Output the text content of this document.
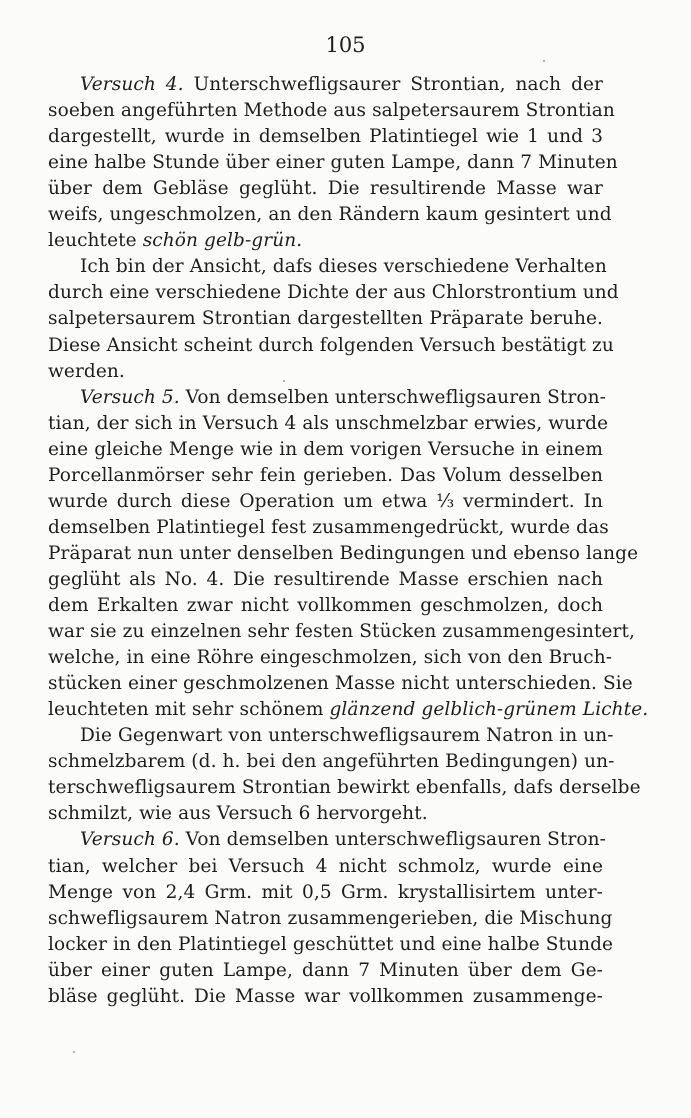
105
Versuch 4. Unterschwefligsaurer Strontian, nach der
soeben angeführten Methode aus salpetersaurem Strontian
dargestellt, wurde in demselben Platintiegel wie 1 und 3
eine halbe Stunde über einer guten Lampe, dann 7 Minuten
über dem Gebläse geglüht. Die resultirende Masse war
weifs, ungeschmolzen, an den Rändern kaum gesintert und
leuchtete schön gelb-grün.
Ich bin der Ansicht, dafs dieses verschiedene Verhalten
durch eine verschiedene Dichte der aus Chlorstrontium und
salpetersaurem Strontian dargestellten Präparate beruhe.
Diese Ansicht scheint durch folgenden Versuch bestätigt zu
werden.
Versuch 5. Von demselben unterschwefligsauren Stron-
tian, der sich in Versuch 4 als unschmelzbar erwies, wurde
eine gleiche Menge wie in dem vorigen Versuche in einem
Porcellanmörser sehr fein gerieben. Das Volum desselben
wurde durch diese Operation um etwa ⅓ vermindert. In
demselben Platintiegel fest zusammengedrückt, wurde das
Präparat nun unter denselben Bedingungen und ebenso lange
geglüht als No. 4. Die resultirende Masse erschien nach
dem Erkalten zwar nicht vollkommen geschmolzen, doch
war sie zu einzelnen sehr festen Stücken zusammengesintert,
welche, in eine Röhre eingeschmolzen, sich von den Bruch-
stücken einer geschmolzenen Masse nicht unterschieden. Sie
leuchteten mit sehr schönem glänzend gelblich-grünem Lichte.
Die Gegenwart von unterschwefligsaurem Natron in un-
schmelzbarem (d. h. bei den angeführten Bedingungen) un-
terschwefligsaurem Strontian bewirkt ebenfalls, dafs derselbe
schmilzt, wie aus Versuch 6 hervorgeht.
Versuch 6. Von demselben unterschwefligsauren Stron-
tian, welcher bei Versuch 4 nicht schmolz, wurde eine
Menge von 2,4 Grm. mit 0,5 Grm. krystallisirtem unter-
schwefligsaurem Natron zusammengerieben, die Mischung
locker in den Platintiegel geschüttet und eine halbe Stunde
über einer guten Lampe, dann 7 Minuten über dem Ge-
bläse geglüht. Die Masse war vollkommen zusammenge-
